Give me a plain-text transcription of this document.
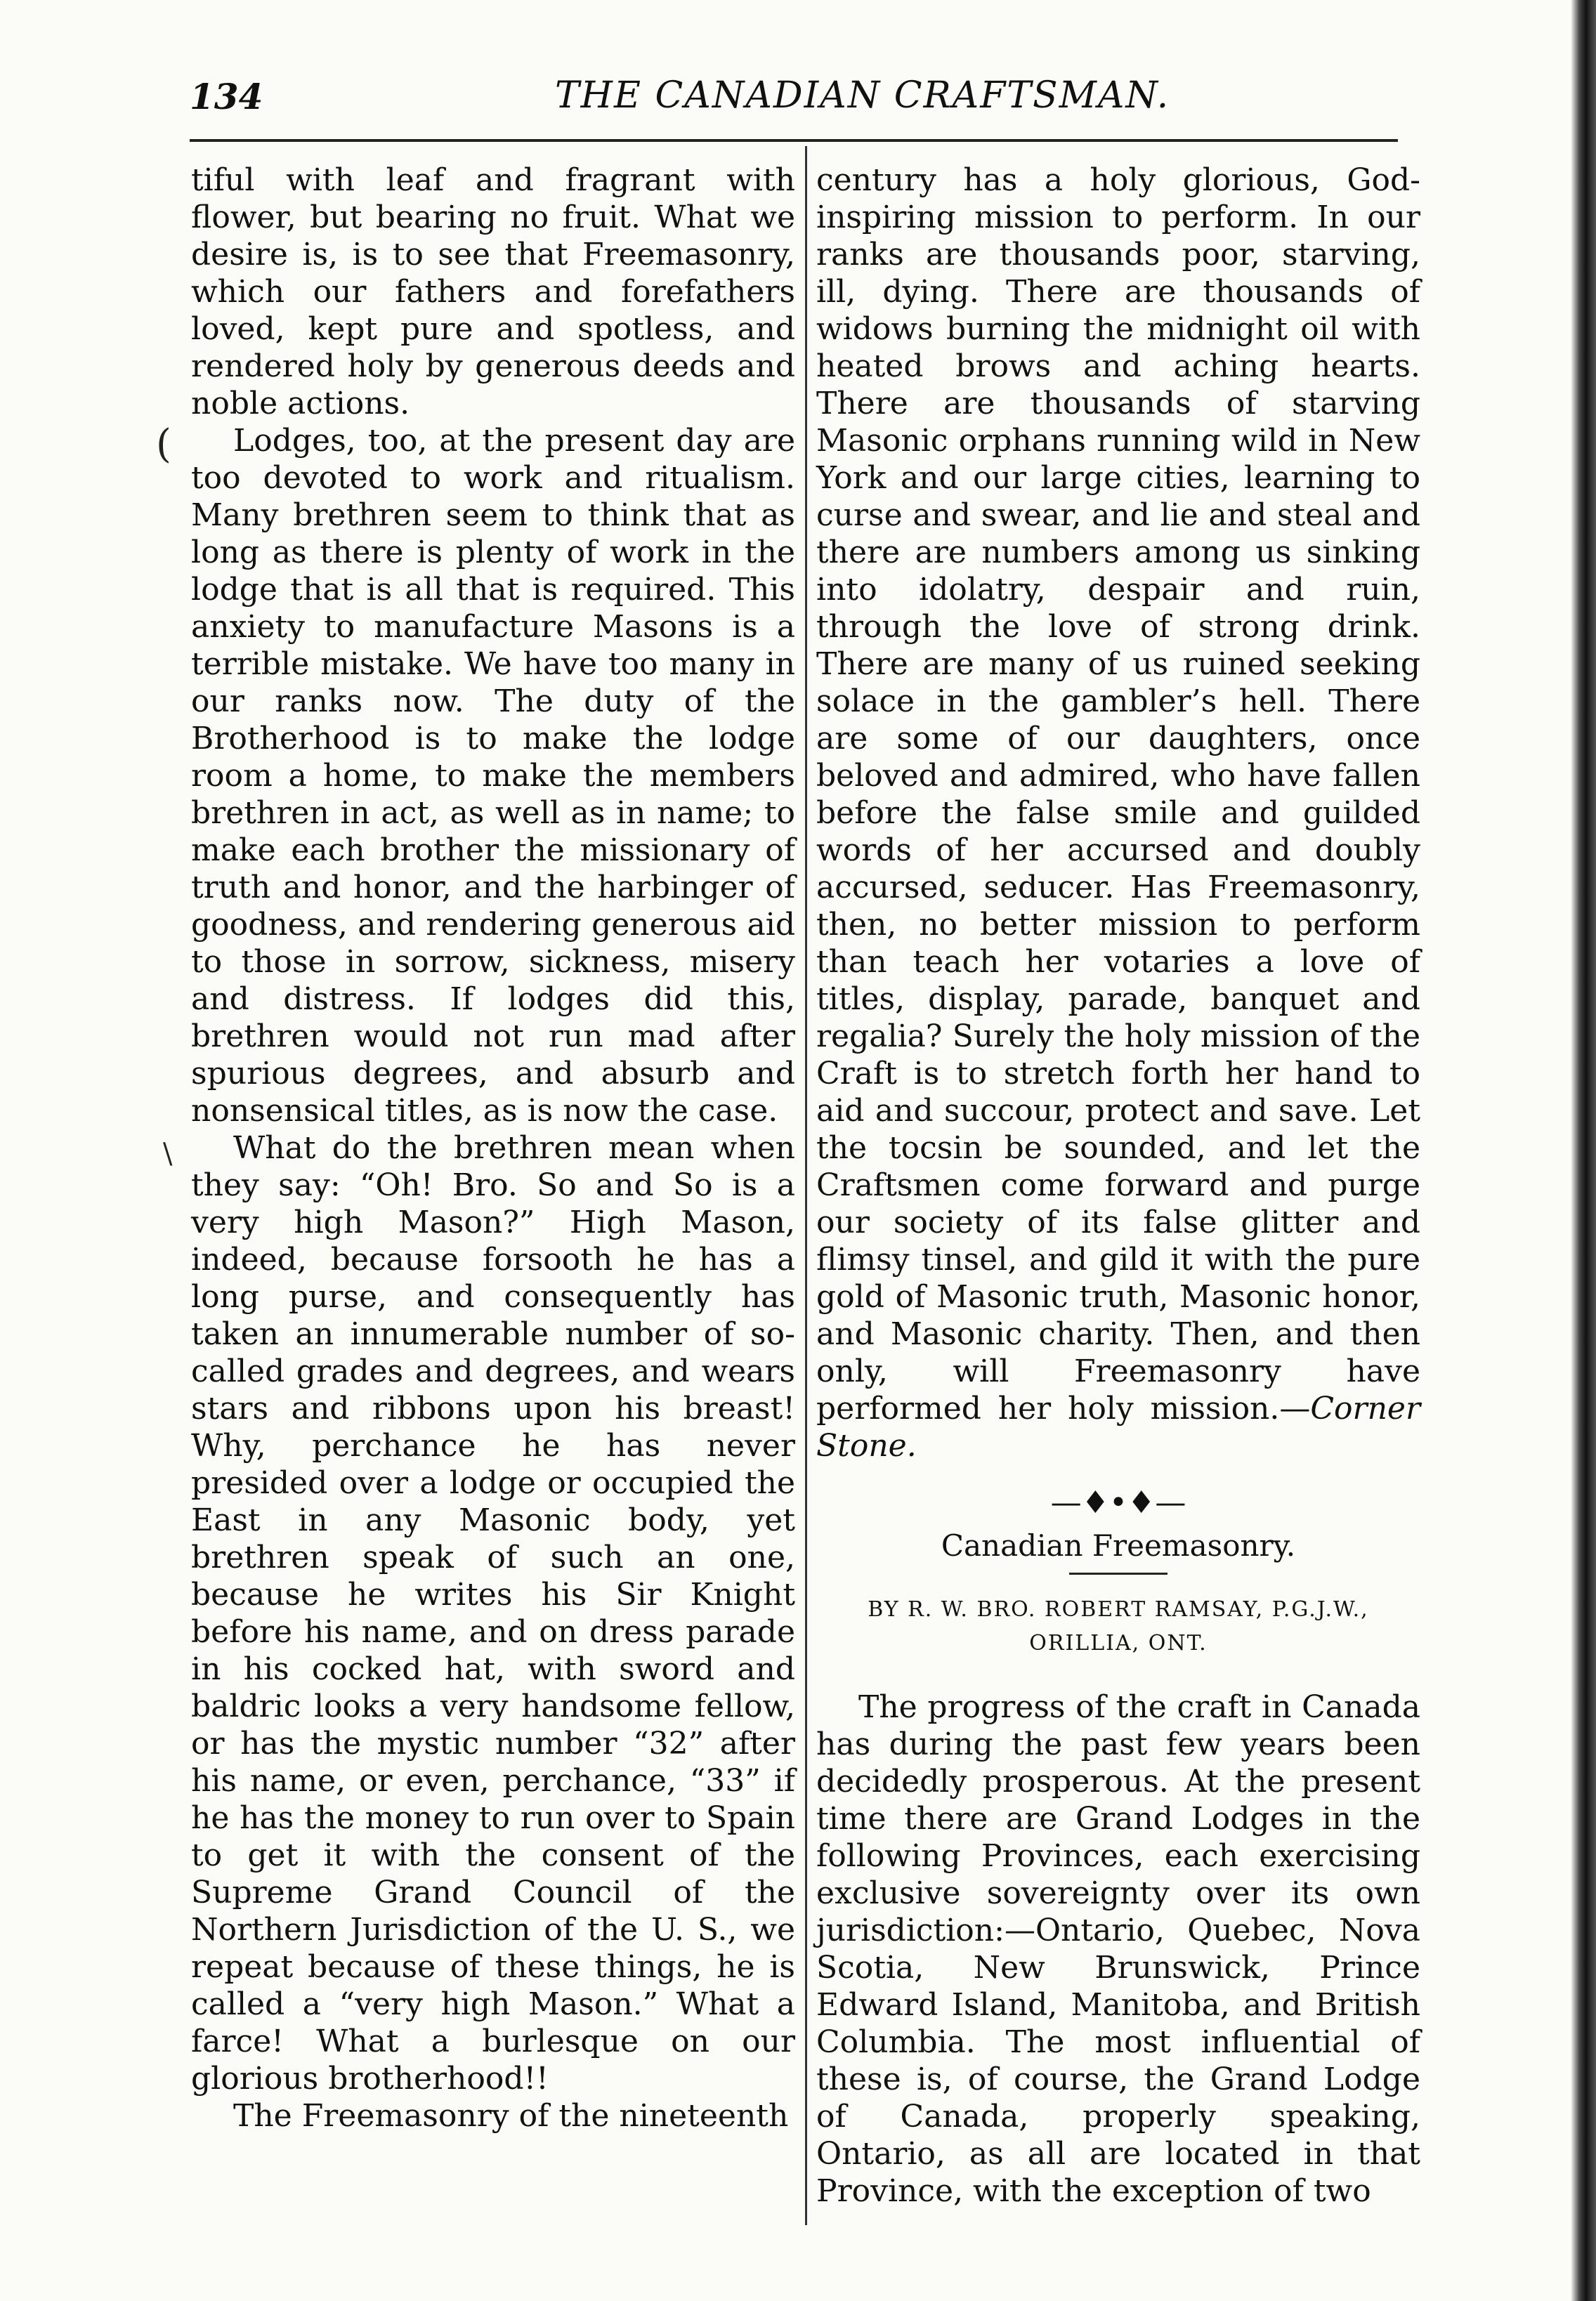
134	THE CANADIAN CRAFTSMAN.
(
\

tiful with leaf and fragrant with flower, but bearing no fruit. What we desire is, is to see that Freemasonry, which our fathers and forefathers loved, kept pure and spotless, and rendered holy by generous deeds and noble actions.

Lodges, too, at the present day are too devoted to work and ritualism. Many brethren seem to think that as long as there is plenty of work in the lodge that is all that is required. This anxiety to manufacture Masons is a terrible mistake. We have too many in our ranks now. The duty of the Brotherhood is to make the lodge room a home, to make the members brethren in act, as well as in name; to make each brother the missionary of truth and honor, and the harbinger of goodness, and rendering generous aid to those in sorrow, sickness, misery and distress. If lodges did this, brethren would not run mad after spurious degrees, and absurb and nonsensical titles, as is now the case.

What do the brethren mean when they say: “Oh! Bro. So and So is a very high Mason?” High Mason, indeed, because forsooth he has a long purse, and consequently has taken an innumerable number of so-called grades and degrees, and wears stars and ribbons upon his breast! Why, perchance he has never presided over a lodge or occupied the East in any Masonic body, yet brethren speak of such an one, because he writes his Sir Knight before his name, and on dress parade in his cocked hat, with sword and baldric looks a very handsome fellow, or has the mystic number “32” after his name, or even, perchance, “33” if he has the money to run over to Spain to get it with the consent of the Supreme Grand Council of the Northern Jurisdiction of the U. S., we repeat because of these things, he is called a “very high Mason.” What a farce! What a burlesque on our glorious brotherhood!!

The Freemasonry of the nineteenth

century has a holy glorious, God-inspiring mission to perform. In our ranks are thousands poor, starving, ill, dying. There are thousands of widows burning the midnight oil with heated brows and aching hearts. There are thousands of starving Masonic orphans running wild in New York and our large cities, learning to curse and swear, and lie and steal and there are numbers among us sinking into idolatry, despair and ruin, through the love of strong drink. There are many of us ruined seeking solace in the gambler’s hell. There are some of our daughters, once beloved and admired, who have fallen before the false smile and guilded words of her accursed and doubly accursed, seducer. Has Freemasonry, then, no better mission to perform than teach her votaries a love of titles, display, parade, banquet and regalia? Surely the holy mission of the Craft is to stretch forth her hand to aid and succour, protect and save. Let the tocsin be sounded, and let the Craftsmen come forward and purge our society of its false glitter and flimsy tinsel, and gild it with the pure gold of Masonic truth, Masonic honor, and Masonic charity. Then, and then only, will Freemasonry have performed her holy mission.—Corner Stone.

—♦•♦—
Canadian Freemasonry.
BY R. W. BRO. ROBERT RAMSAY, P.G.J.W.,
ORILLIA, ONT.

The progress of the craft in Canada has during the past few years been decidedly prosperous. At the present time there are Grand Lodges in the following Provinces, each exercising exclusive sovereignty over its own jurisdiction:—Ontario, Quebec, Nova Scotia, New Brunswick, Prince Edward Island, Manitoba, and British Columbia. The most influential of these is, of course, the Grand Lodge of Canada, properly speaking, Ontario, as all are located in that Province, with the exception of two
